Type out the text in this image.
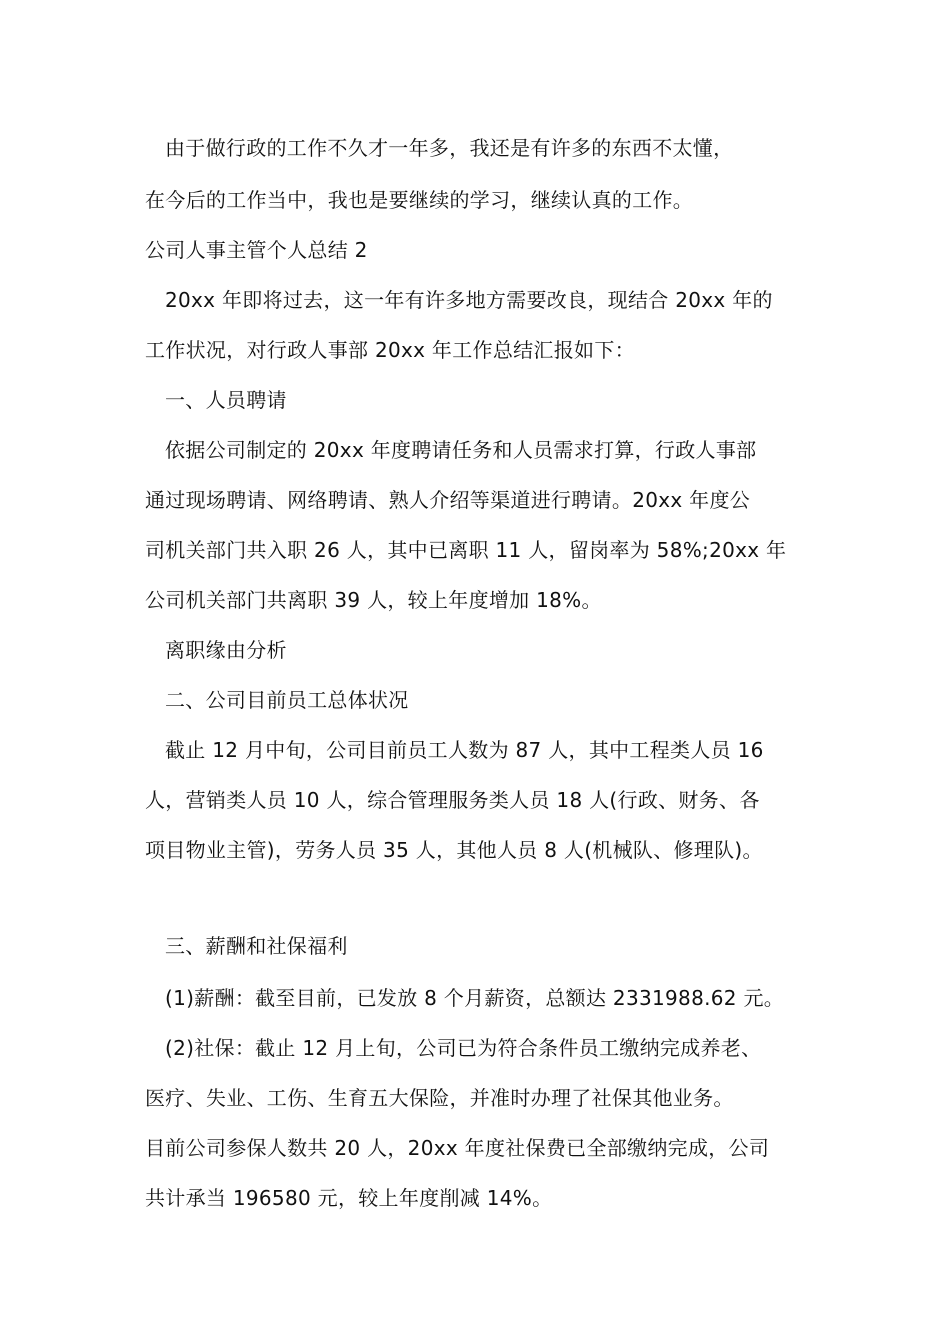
由于做行政的工作不久才一年多，我还是有许多的东西不太懂，
在今后的工作当中，我也是要继续的学习，继续认真的工作。
公司人事主管个人总结 2
20xx 年即将过去，这一年有许多地方需要改良，现结合 20xx 年的
工作状况，对行政人事部 20xx 年工作总结汇报如下：
一、人员聘请
依据公司制定的 20xx 年度聘请任务和人员需求打算，行政人事部
通过现场聘请、网络聘请、熟人介绍等渠道进行聘请。20xx 年度公
司机关部门共入职 26 人，其中已离职 11 人，留岗率为 58%;20xx 年
公司机关部门共离职 39 人，较上年度增加 18%。
离职缘由分析
二、公司目前员工总体状况
截止 12 月中旬，公司目前员工人数为 87 人，其中工程类人员 16
人，营销类人员 10 人，综合管理服务类人员 18 人(行政、财务、各
项目物业主管)，劳务人员 35 人，其他人员 8 人(机械队、修理队)。
三、薪酬和社保福利
(1)薪酬：截至目前，已发放 8 个月薪资，总额达 2331988.62 元。
(2)社保：截止 12 月上旬，公司已为符合条件员工缴纳完成养老、
医疗、失业、工伤、生育五大保险，并准时办理了社保其他业务。
目前公司参保人数共 20 人，20xx 年度社保费已全部缴纳完成，公司
共计承当 196580 元，较上年度削减 14%。
